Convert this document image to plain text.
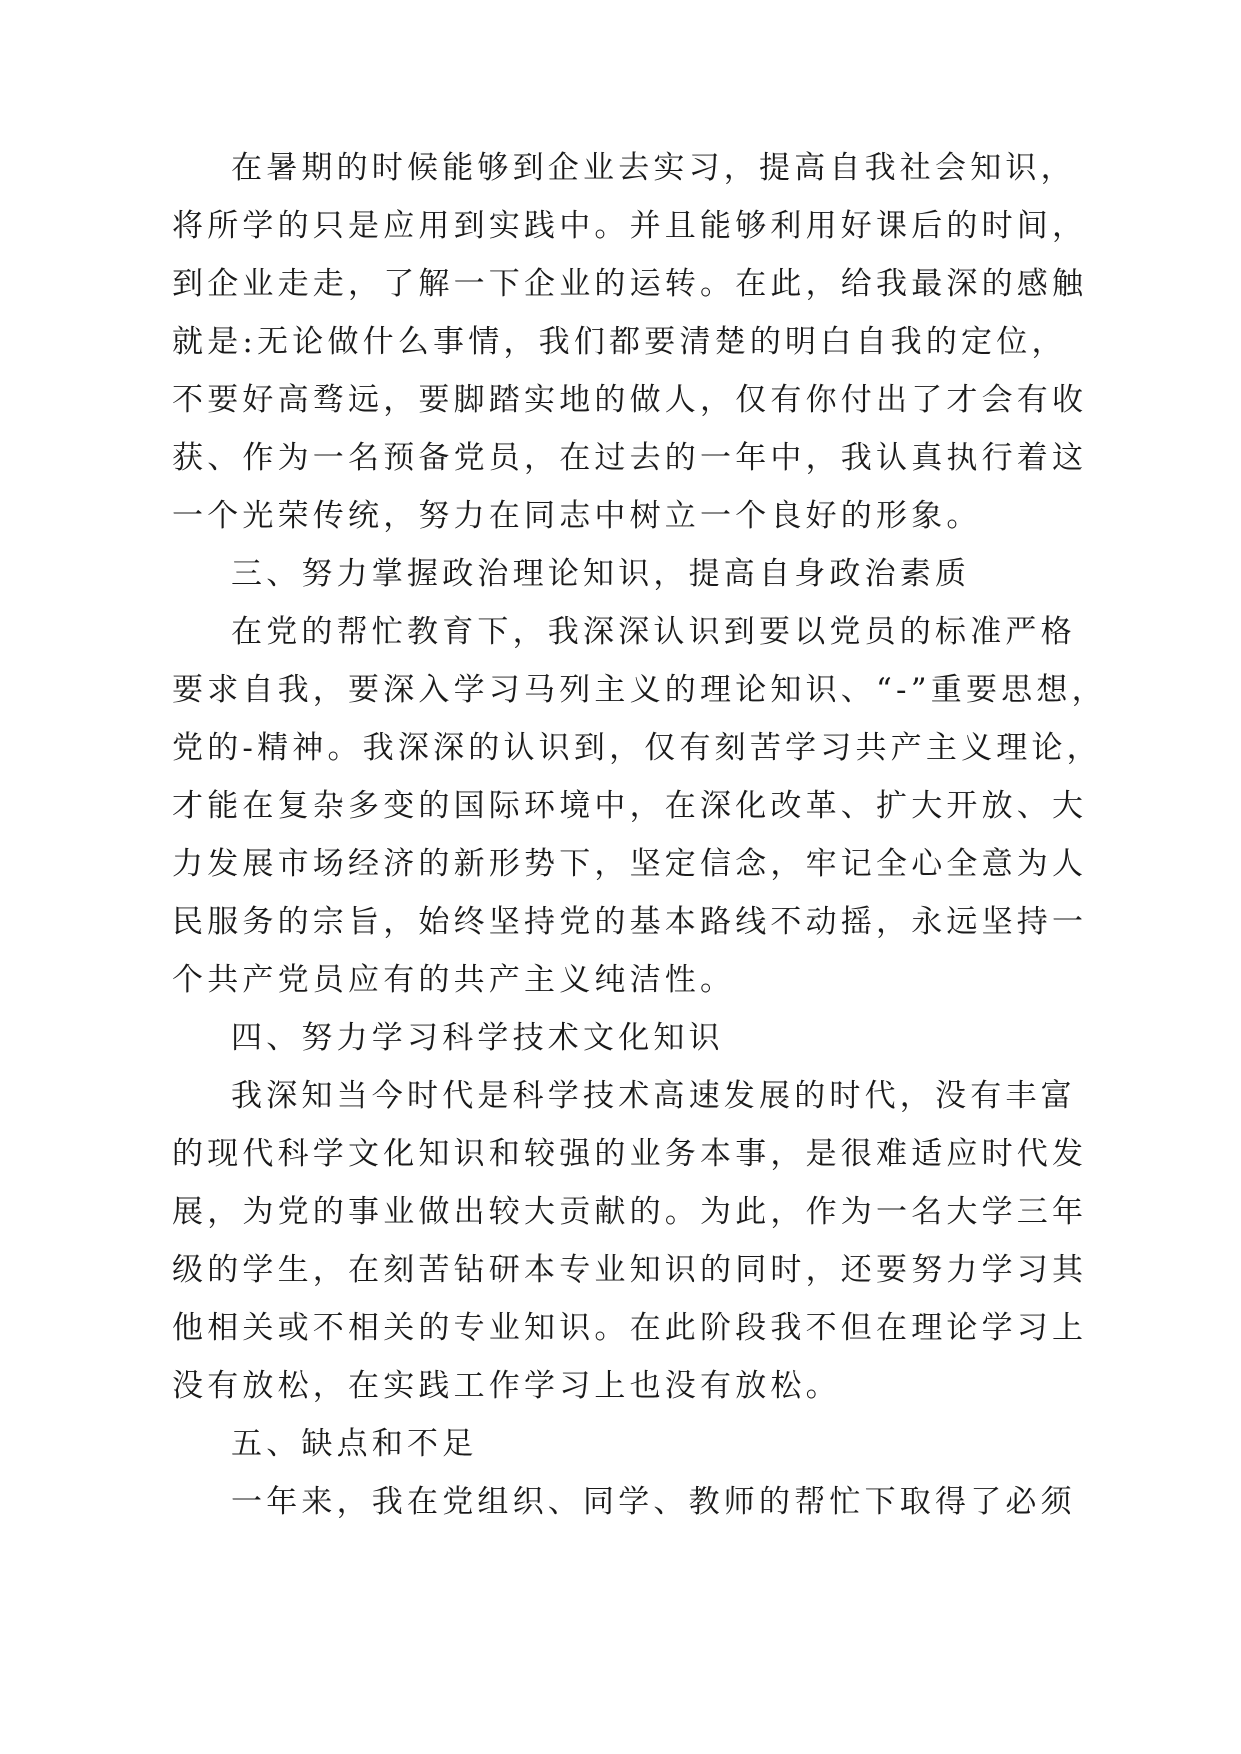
在暑期的时候能够到企业去实习，提高自我社会知识，
将所学的只是应用到实践中。并且能够利用好课后的时间，
到企业走走，了解一下企业的运转。在此，给我最深的感触
就是:无论做什么事情，我们都要清楚的明白自我的定位，
不要好高骛远，要脚踏实地的做人，仅有你付出了才会有收
获、作为一名预备党员，在过去的一年中，我认真执行着这
一个光荣传统，努力在同志中树立一个良好的形象。
三、努力掌握政治理论知识，提高自身政治素质
在党的帮忙教育下，我深深认识到要以党员的标准严格
要求自我，要深入学习马列主义的理论知识、“-”重要思想，
党的-精神。我深深的认识到，仅有刻苦学习共产主义理论，
才能在复杂多变的国际环境中，在深化改革、扩大开放、大
力发展市场经济的新形势下，坚定信念，牢记全心全意为人
民服务的宗旨，始终坚持党的基本路线不动摇，永远坚持一
个共产党员应有的共产主义纯洁性。
四、努力学习科学技术文化知识
我深知当今时代是科学技术高速发展的时代，没有丰富
的现代科学文化知识和较强的业务本事，是很难适应时代发
展，为党的事业做出较大贡献的。为此，作为一名大学三年
级的学生，在刻苦钻研本专业知识的同时，还要努力学习其
他相关或不相关的专业知识。在此阶段我不但在理论学习上
没有放松，在实践工作学习上也没有放松。
五、缺点和不足
一年来，我在党组织、同学、教师的帮忙下取得了必须
